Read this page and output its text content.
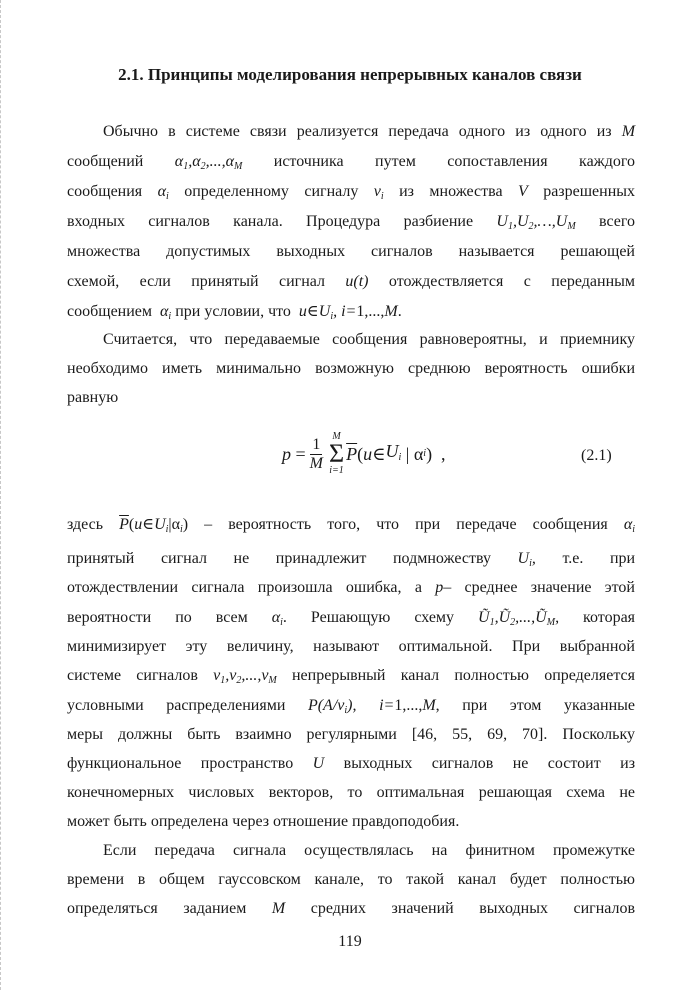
2.1. Принципы моделирования непрерывных каналов связи
Обычно в системе связи реализуется передача одного из одного из M
сообщений $\alpha_1,\alpha_2,...,\alpha_M$ источника путем сопоставления каждого
сообщения $\alpha_i$ определенному сигналу $v_i$ из множества V разрешенных
входных сигналов канала. Процедура разбиение $U_1,U_2,\dots,U_M$ всего
множества допустимых выходных сигналов называется решающей
схемой, если принятый сигнал u(t) отождествляется с переданным
сообщением $\alpha_i$ при условии, что $u\in U_i$, i=1,...,M.
Считается, что передаваемые сообщения равновероятны, и приемнику
необходимо иметь минимально возможную среднюю вероятность ошибки
равную
$p = \frac{1}{M}$ M
Σ
i=1
$\overline{P}$ ( u ∈ $U_i$ | α i )  ,	(2.1)
здесь $\overline{P}(u\in U_i|\alpha_i)$ – вероятность того, что при передаче сообщения $\alpha_i$
принятый сигнал не принадлежит подмножеству $U_i$, т.е. при
отождествлении сигнала произошла ошибка, а p– среднее значение этой
вероятности по всем $\alpha_i$. Решающую схему $Ũ_1,Ũ_2,...,Ũ_M$, которая
минимизирует эту величину, называют оптимальной. При выбранной
системе сигналов $v_1,v_2,...,v_M$ непрерывный канал полностью определяется
условными распределениями $P(A/v_i)$, i=1,...,M, при этом указанные
меры должны быть взаимно регулярными [46, 55, 69, 70]. Поскольку
функциональное пространство U выходных сигналов не состоит из
конечномерных числовых векторов, то оптимальная решающая схема не
может быть определена через отношение правдоподобия.
Если передача сигнала осуществлялась на финитном промежутке
времени в общем гауссовском канале, то такой канал будет полностью
определяться заданием M средних значений выходных сигналов
119
